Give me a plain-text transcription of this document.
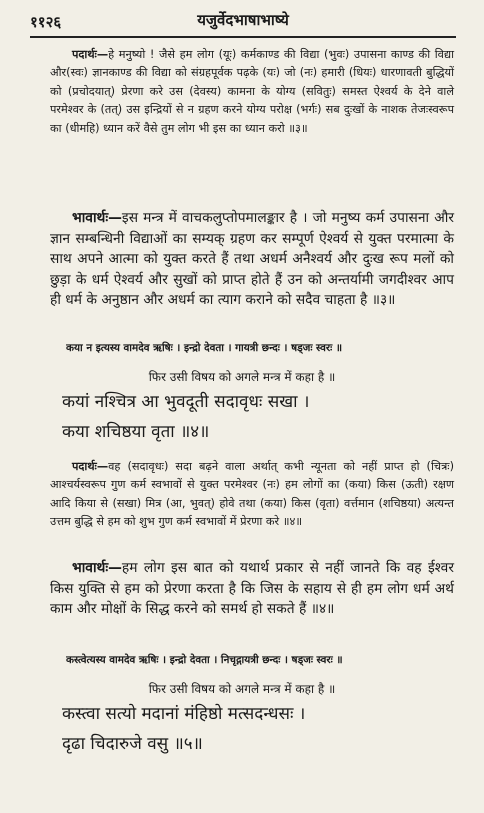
११२६	यजुर्वेदभाषाभाष्ये
पदार्थः—हे मनुष्यो ! जैसे हम लोग (यूः) कर्मकाण्ड की विद्या (भुवः) उपासना काण्ड की विद्या और(स्वः) ज्ञानकाण्ड की विद्या को संग्रहपूर्वक पढ़के (यः) जो (नः) हमारी (धियः) धारणावती बुद्धियों को (प्रचोदयात्) प्रेरणा करे उस (देवस्य) कामना के योग्य (सवितुः) समस्त ऐश्वर्य के देने वाले परमेश्वर के (तत्) उस इन्द्रियों से न ग्रहण करने योग्य परोक्ष (भर्गः) सब दुःखों के नाशक तेजःस्वरूप का (धीमहि) ध्यान करें वैसे तुम लोग भी इस का ध्यान करो ॥३॥
भावार्थः—इस मन्त्र में वाचकलुप्तोपमालङ्कार है । जो मनुष्य कर्म उपासना और ज्ञान सम्बन्धिनी विद्याओं का सम्यक् ग्रहण कर सम्पूर्ण ऐश्वर्य से युक्त परमात्मा के साथ अपने आत्मा को युक्त करते हैं तथा अधर्म अनैश्वर्य और दुःख रूप मलों को छुड़ा के धर्म ऐश्वर्य और सुखों को प्राप्त होते हैं उन को अन्तर्यामी जगदीश्वर आप ही धर्म के अनुष्ठान और अधर्म का त्याग कराने को सदैव चाहता है ॥३॥
कया न इत्यस्य वामदेव ऋषिः । इन्द्रो देवता । गायत्री छन्दः । षड्जः स्वरः ॥
फिर उसी विषय को अगले मन्त्र में कहा है ॥
कयां नश्चित्र आ भुवदूती सदावृधः सखा ।
कया शचिष्ठया वृता ॥४॥
पदार्थः—वह (सदावृधः) सदा बढ़ने वाला अर्थात् कभी न्यूनता को नहीं प्राप्त हो (चित्रः) आश्चर्यस्वरूप गुण कर्म स्वभावों से युक्त परमेश्वर (नः) हम लोगों का (कया) किस (ऊती) रक्षण आदि किया से (सखा) मित्र (आ, भुवत्) होवे तथा (कया) किस (वृता) वर्त्तमान (शचिष्ठया) अत्यन्त उत्तम बुद्धि से हम को शुभ गुण कर्म स्वभावों में प्रेरणा करे ॥४॥
भावार्थः—हम लोग इस बात को यथार्थ प्रकार से नहीं जानते कि वह ईश्वर किस युक्ति से हम को प्रेरणा करता है कि जिस के सहाय से ही हम लोग धर्म अर्थ काम और मोक्षों के सिद्ध करने को समर्थ हो सकते हैं ॥४॥
कस्त्वेत्यस्य वामदेव ऋषिः । इन्द्रो देवता । निचृद्गायत्री छन्दः । षड्जः स्वरः ॥
फिर उसी विषय को अगले मन्त्र में कहा है ॥
कस्त्वा सत्यो मदानां मंहिष्ठो मत्सदन्धसः ।
दृढा चिदारुजे वसु ॥५॥
